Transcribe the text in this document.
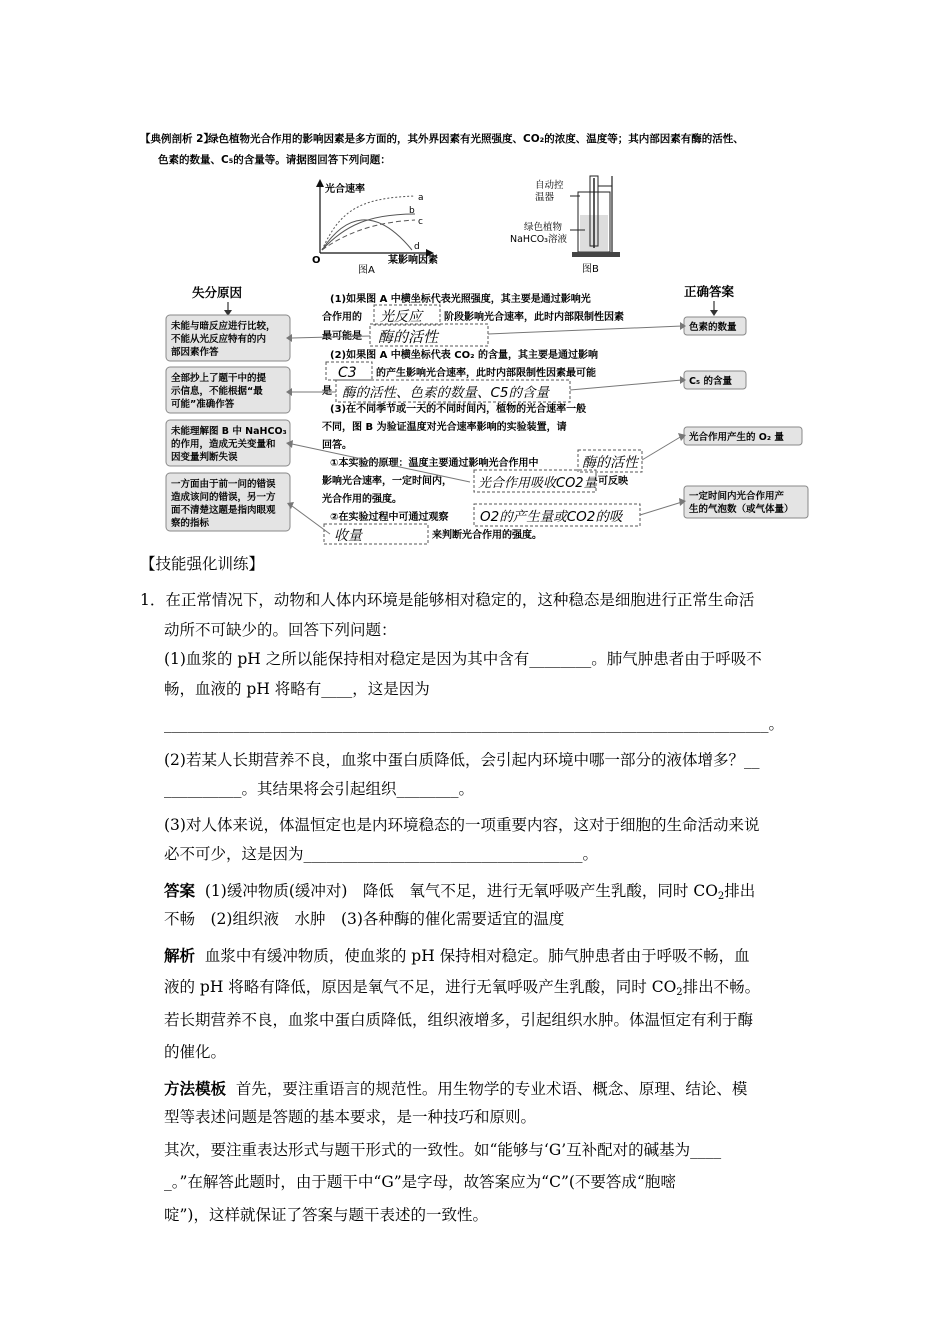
【典例剖析 2】
绿色植物光合作用的影响因素是多方面的，其外界因素有光照强度、CO₂的浓度、温度等；其内部因素有酶的活性、
色素的数量、C₅的含量等。请据图回答下列问题：
光合速率
O	某影响因素
图A
a
b
c
d
自动控
温器
绿色植物
NaHCO₃溶液
图B
失分原因	正确答案
未能与暗反应进行比较，
不能从光反应特有的内
部因素作答
全部抄上了题干中的提
示信息，不能根据“最
可能”准确作答
未能理解图 B 中 NaHCO₃
的作用，造成无关变量和
因变量判断失误
一方面由于前一问的错误
造成该问的错误，另一方
面不清楚这题是指肉眼观
察的指标
色素的数量
C₅ 的含量
光合作用产生的 O₂ 量
一定时间内光合作用产
生的气泡数（或气体量）
(1)如果图 A 中横坐标代表光照强度，其主要是通过影响光
合作用的	阶段影响光合速率，此时内部限制性因素
最可能是
(2)如果图 A 中横坐标代表 CO₂ 的含量，其主要是通过影响
的产生影响光合速率，此时内部限制性因素最可能
是
(3)在不同季节或一天的不同时间内，植物的光合速率一般
不同，图 B 为验证温度对光合速率影响的实验装置，请
回答。
①本实验的原理：温度主要通过影响光合作用中
影响光合速率，一定时间内，	可反映
光合作用的强度。
②在实验过程中可通过观察
来判断光合作用的强度。
光反应
酶的活性
C3
酶的活性、色素的数量、C5的含量
酶的活性
光合作用吸收CO2量
O2的产生量或CO2的吸
收量
【技能强化训练】
1．在正常情况下，动物和人体内环境是能够相对稳定的，这种稳态是细胞进行正常生命活
动所不可缺少的。回答下列问题：
(1)血浆的 pH 之所以能保持相对稳定是因为其中含有________。肺气肿患者由于呼吸不
畅，血液的 pH 将略有____，这是因为
______________________________________________________________________________。
(2)若某人长期营养不良，血浆中蛋白质降低，会引起内环境中哪一部分的液体增多？__
__________。其结果将会引起组织________。
(3)对人体来说，体温恒定也是内环境稳态的一项重要内容，这对于细胞的生命活动来说
必不可少，这是因为____________________________________。
答案 (1)缓冲物质(缓冲对)　降低　氧气不足，进行无氧呼吸产生乳酸，同时 $CO_2$排出
不畅　(2)组织液　水肿　(3)各种酶的催化需要适宜的温度
解析 血浆中有缓冲物质，使血浆的 pH 保持相对稳定。肺气肿患者由于呼吸不畅，血
液的 pH 将略有降低，原因是氧气不足，进行无氧呼吸产生乳酸，同时 $CO_2$排出不畅。
若长期营养不良，血浆中蛋白质降低，组织液增多，引起组织水肿。体温恒定有利于酶
的催化。
方法模板 首先，要注重语言的规范性。用生物学的专业术语、概念、原理、结论、模
型等表述问题是答题的基本要求，是一种技巧和原则。
其次，要注重表达形式与题干形式的一致性。如“能够与‘G’互补配对的碱基为____
_。”在解答此题时，由于题干中“G”是字母，故答案应为“C”(不要答成“胞嘧
啶”)，这样就保证了答案与题干表述的一致性。
